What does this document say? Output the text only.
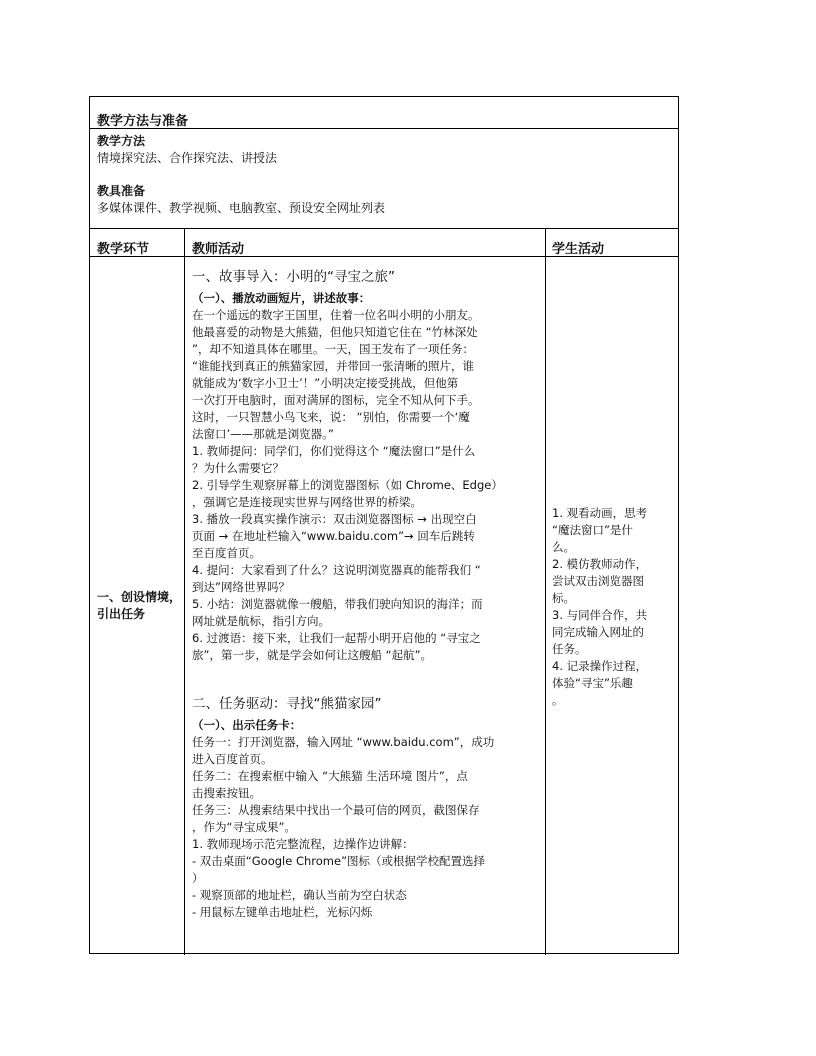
教学方法与准备
教学方法
情境探究法、合作探究法、讲授法
教具准备
多媒体课件、教学视频、电脑教室、预设安全网址列表
教学环节	教师活动	学生活动
一、创设情境，引出任务
一、故事导入：小明的“寻宝之旅”
（一）、播放动画短片，讲述故事：
在一个遥远的数字王国里，住着一位名叫小明的小朋友。
他最喜爱的动物是大熊猫，但他只知道它住在 “竹林深处
”，却不知道具体在哪里。一天，国王发布了一项任务：
“谁能找到真正的熊猫家园，并带回一张清晰的照片，谁
就能成为‘数字小卫士’！”小明决定接受挑战，但他第
一次打开电脑时，面对满屏的图标，完全不知从何下手。
这时，一只智慧小鸟飞来，说： “别怕，你需要一个‘魔
法窗口’——那就是浏览器。”
1. 教师提问：同学们，你们觉得这个 “魔法窗口”是什么
？为什么需要它？
2. 引导学生观察屏幕上的浏览器图标（如 Chrome、Edge）
，强调它是连接现实世界与网络世界的桥梁。
3. 播放一段真实操作演示：双击浏览器图标 → 出现空白
页面 → 在地址栏输入“www.baidu.com”→ 回车后跳转
至百度首页。
4. 提问：大家看到了什么？这说明浏览器真的能帮我们 “
到达”网络世界吗？
5. 小结：浏览器就像一艘船，带我们驶向知识的海洋；而
网址就是航标，指引方向。
6. 过渡语：接下来，让我们一起帮小明开启他的 “寻宝之
旅”，第一步，就是学会如何让这艘船 “起航”。
二、任务驱动：寻找“熊猫家园”
（一）、出示任务卡：
任务一：打开浏览器，输入网址 “www.baidu.com”，成功
进入百度首页。
任务二：在搜索框中输入 “大熊猫 生活环境 图片”，点
击搜索按钮。
任务三：从搜索结果中找出一个最可信的网页，截图保存
，作为“寻宝成果”。
1. 教师现场示范完整流程，边操作边讲解：
- 双击桌面“Google Chrome”图标（或根据学校配置选择
）
- 观察顶部的地址栏，确认当前为空白状态
- 用鼠标左键单击地址栏，光标闪烁
1. 观看动画，思考
“魔法窗口”是什
么。
2. 模仿教师动作，
尝试双击浏览器图
标。
3. 与同伴合作，共
同完成输入网址的
任务。
4. 记录操作过程，
体验“寻宝”乐趣
。
